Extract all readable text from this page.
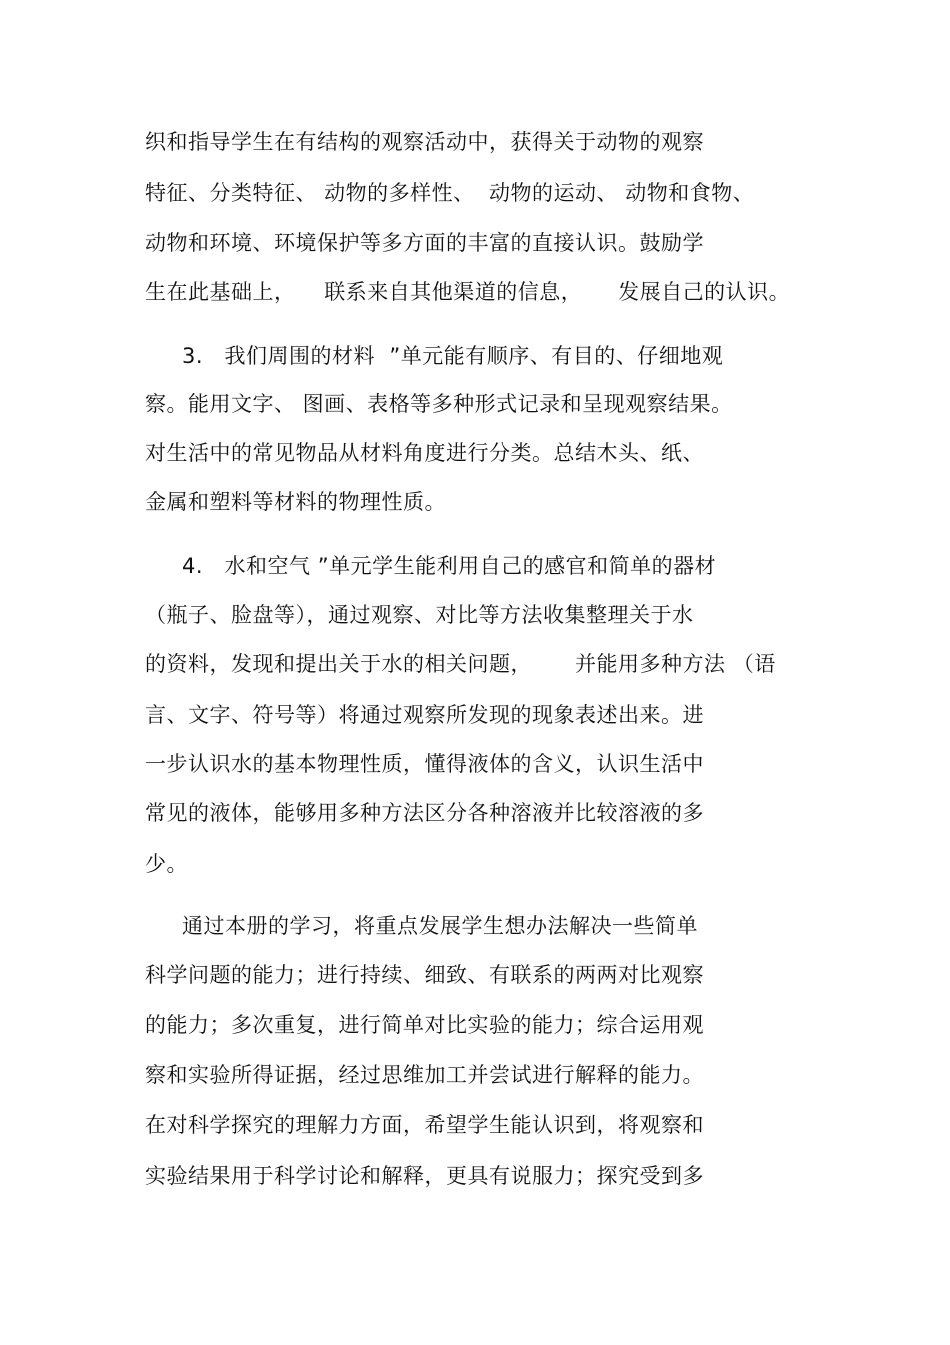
织和指导学生在有结构的观察活动中，获得关于动物的观察
特征、分类特征、 动物的多样性、  动物的运动、 动物和食物、
动物和环境、环境保护等多方面的丰富的直接认识。鼓励学
生在此基础上，    联系来自其他渠道的信息，     发展自己的认识。
3.   我们周围的材料  ”单元能有顺序、有目的、仔细地观
察。能用文字、 图画、表格等多种形式记录和呈现观察结果。
对生活中的常见物品从材料角度进行分类。总结木头、纸、
金属和塑料等材料的物理性质。
4.   水和空气 ”单元学生能利用自己的感官和简单的器材
（瓶子、脸盘等），通过观察、对比等方法收集整理关于水
的资料，发现和提出关于水的相关问题，      并能用多种方法 （语
言、文字、符号等）将通过观察所发现的现象表述出来。进
一步认识水的基本物理性质，懂得液体的含义，认识生活中
常见的液体，能够用多种方法区分各种溶液并比较溶液的多
少。
通过本册的学习，将重点发展学生想办法解决一些简单
科学问题的能力；进行持续、细致、有联系的两两对比观察
的能力；多次重复，进行简单对比实验的能力；综合运用观
察和实验所得证据，经过思维加工并尝试进行解释的能力。
在对科学探究的理解力方面，希望学生能认识到，将观察和
实验结果用于科学讨论和解释，更具有说服力；探究受到多
